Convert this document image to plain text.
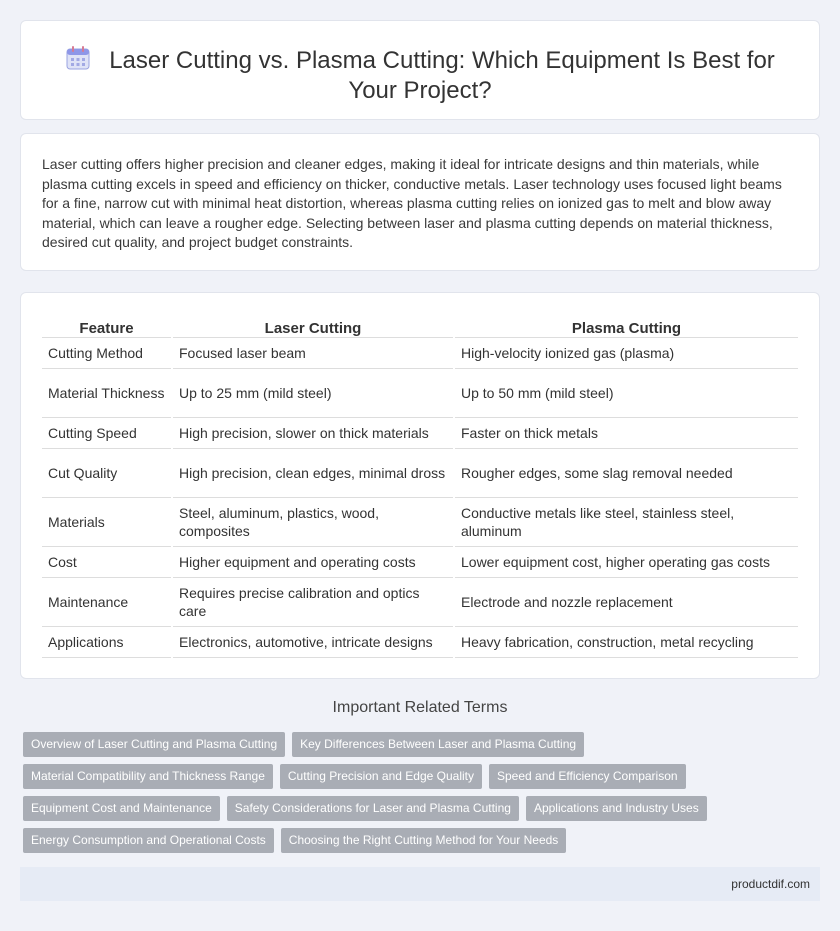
Laser Cutting vs. Plasma Cutting: Which Equipment Is Best for Your Project?

Laser cutting offers higher precision and cleaner edges, making it ideal for intricate designs and thin materials, while plasma cutting excels in speed and efficiency on thicker, conductive metals. Laser technology uses focused light beams for a fine, narrow cut with minimal heat distortion, whereas plasma cutting relies on ionized gas to melt and blow away material, which can leave a rougher edge. Selecting between laser and plasma cutting depends on material thickness, desired cut quality, and project budget constraints.

Feature	Laser Cutting	Plasma Cutting
Cutting Method	Focused laser beam	High-velocity ionized gas (plasma)
Material Thickness	Up to 25 mm (mild steel)	Up to 50 mm (mild steel)
Cutting Speed	High precision, slower on thick materials	Faster on thick metals
Cut Quality	High precision, clean edges, minimal dross	Rougher edges, some slag removal needed
Materials	Steel, aluminum, plastics, wood, composites	Conductive metals like steel, stainless steel, aluminum
Cost	Higher equipment and operating costs	Lower equipment cost, higher operating gas costs
Maintenance	Requires precise calibration and optics care	Electrode and nozzle replacement
Applications	Electronics, automotive, intricate designs	Heavy fabrication, construction, metal recycling
Important Related Terms
Overview of Laser Cutting and Plasma Cutting	Key Differences Between Laser and Plasma Cutting
Material Compatibility and Thickness Range	Cutting Precision and Edge Quality	Speed and Efficiency Comparison
Equipment Cost and Maintenance	Safety Considerations for Laser and Plasma Cutting	Applications and Industry Uses
Energy Consumption and Operational Costs	Choosing the Right Cutting Method for Your Needs
productdif.com
